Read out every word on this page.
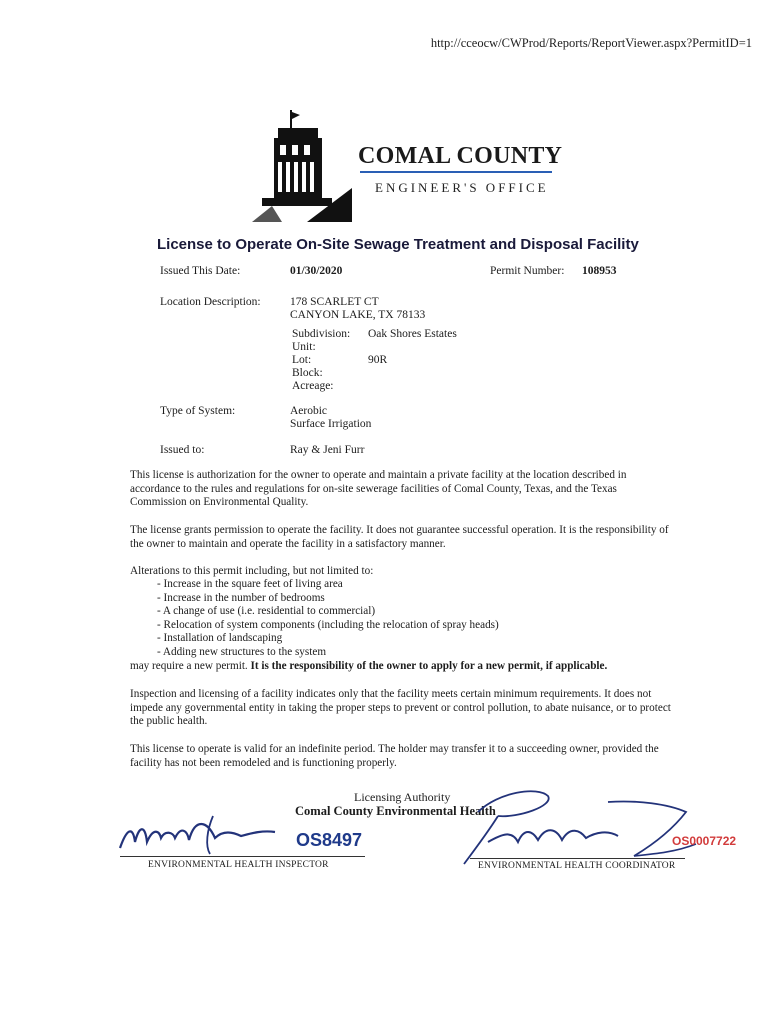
http://cceocw/CWProd/Reports/ReportViewer.aspx?PermitID=1
COMAL COUNTY
ENGINEER'S OFFICE
License to Operate On-Site Sewage Treatment and Disposal Facility
Issued This Date:	01/30/2020	Permit Number: 108953
Location Description:	178 SCARLET CT
CANYON LAKE, TX 78133
Subdivision: Oak Shores Estates
Unit:
Lot:	90R
Block:
Acreage:
Type of System:	Aerobic
Surface Irrigation
Issued to:	Ray & Jeni Furr
This license is authorization for the owner to operate and maintain a private facility at the location described in accordance to the rules and regulations for on-site sewerage facilities of Comal County, Texas, and the Texas Commission on Environmental Quality.
The license grants permission to operate the facility. It does not guarantee successful operation. It is the responsibility of the owner to maintain and operate the facility in a satisfactory manner.
Alterations to this permit including, but not limited to:
- Increase in the square feet of living area
- Increase in the number of bedrooms
- A change of use (i.e. residential to commercial)
- Relocation of system components (including the relocation of spray heads)
- Installation of landscaping
- Adding new structures to the system
may require a new permit. It is the responsibility of the owner to apply for a new permit, if applicable.
Inspection and licensing of a facility indicates only that the facility meets certain minimum requirements. It does not impede any governmental entity in taking the proper steps to prevent or control pollution, to abate nuisance, or to protect the public health.
This license to operate is valid for an indefinite period. The holder may transfer it to a succeeding owner, provided the facility has not been remodeled and is functioning properly.
Licensing Authority
Comal County Environmental Health
OS8497
ENVIRONMENTAL HEALTH INSPECTOR
OS0007722
ENVIRONMENTAL HEALTH COORDINATOR
